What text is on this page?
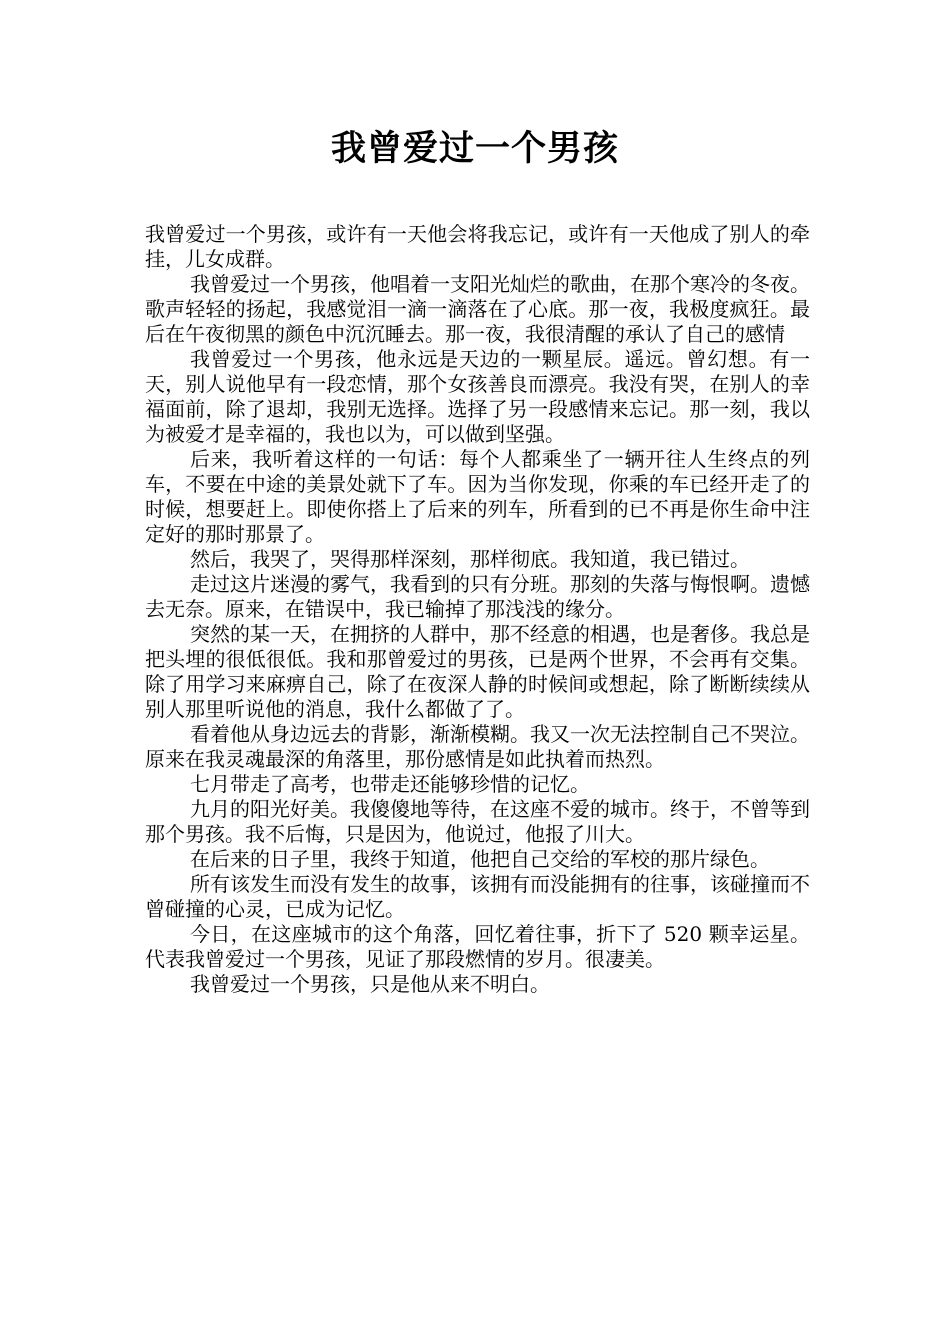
我曾爱过一个男孩

我曾爱过一个男孩，或许有一天他会将我忘记，或许有一天他成了别人的牵挂，儿女成群。

我曾爱过一个男孩，他唱着一支阳光灿烂的歌曲，在那个寒冷的冬夜。歌声轻轻的扬起，我感觉泪一滴一滴落在了心底。那一夜，我极度疯狂。最后在午夜彻黑的颜色中沉沉睡去。那一夜，我很清醒的承认了自己的感情

我曾爱过一个男孩，他永远是天边的一颗星辰。遥远。曾幻想。有一天，别人说他早有一段恋情，那个女孩善良而漂亮。我没有哭，在别人的幸福面前，除了退却，我别无选择。选择了另一段感情来忘记。那一刻，我以为被爱才是幸福的，我也以为，可以做到坚强。

后来，我听着这样的一句话：每个人都乘坐了一辆开往人生终点的列车，不要在中途的美景处就下了车。因为当你发现，你乘的车已经开走了的时候，想要赶上。即使你搭上了后来的列车，所看到的已不再是你生命中注定好的那时那景了。

然后，我哭了，哭得那样深刻，那样彻底。我知道，我已错过。

走过这片迷漫的雾气，我看到的只有分班。那刻的失落与悔恨啊。遗憾去无奈。原来，在错误中，我已输掉了那浅浅的缘分。

突然的某一天，在拥挤的人群中，那不经意的相遇，也是奢侈。我总是把头埋的很低很低。我和那曾爱过的男孩，已是两个世界，不会再有交集。除了用学习来麻痹自己，除了在夜深人静的时候间或想起，除了断断续续从别人那里听说他的消息，我什么都做了了。

看着他从身边远去的背影，渐渐模糊。我又一次无法控制自己不哭泣。原来在我灵魂最深的角落里，那份感情是如此执着而热烈。

七月带走了高考，也带走还能够珍惜的记忆。

九月的阳光好美。我傻傻地等待，在这座不爱的城市。终于，不曾等到那个男孩。我不后悔，只是因为，他说过，他报了川大。

在后来的日子里，我终于知道，他把自己交给的军校的那片绿色。

所有该发生而没有发生的故事，该拥有而没能拥有的往事，该碰撞而不曾碰撞的心灵，已成为记忆。

今日，在这座城市的这个角落，回忆着往事，折下了 520 颗幸运星。代表我曾爱过一个男孩，见证了那段燃情的岁月。很凄美。

我曾爱过一个男孩，只是他从来不明白。
